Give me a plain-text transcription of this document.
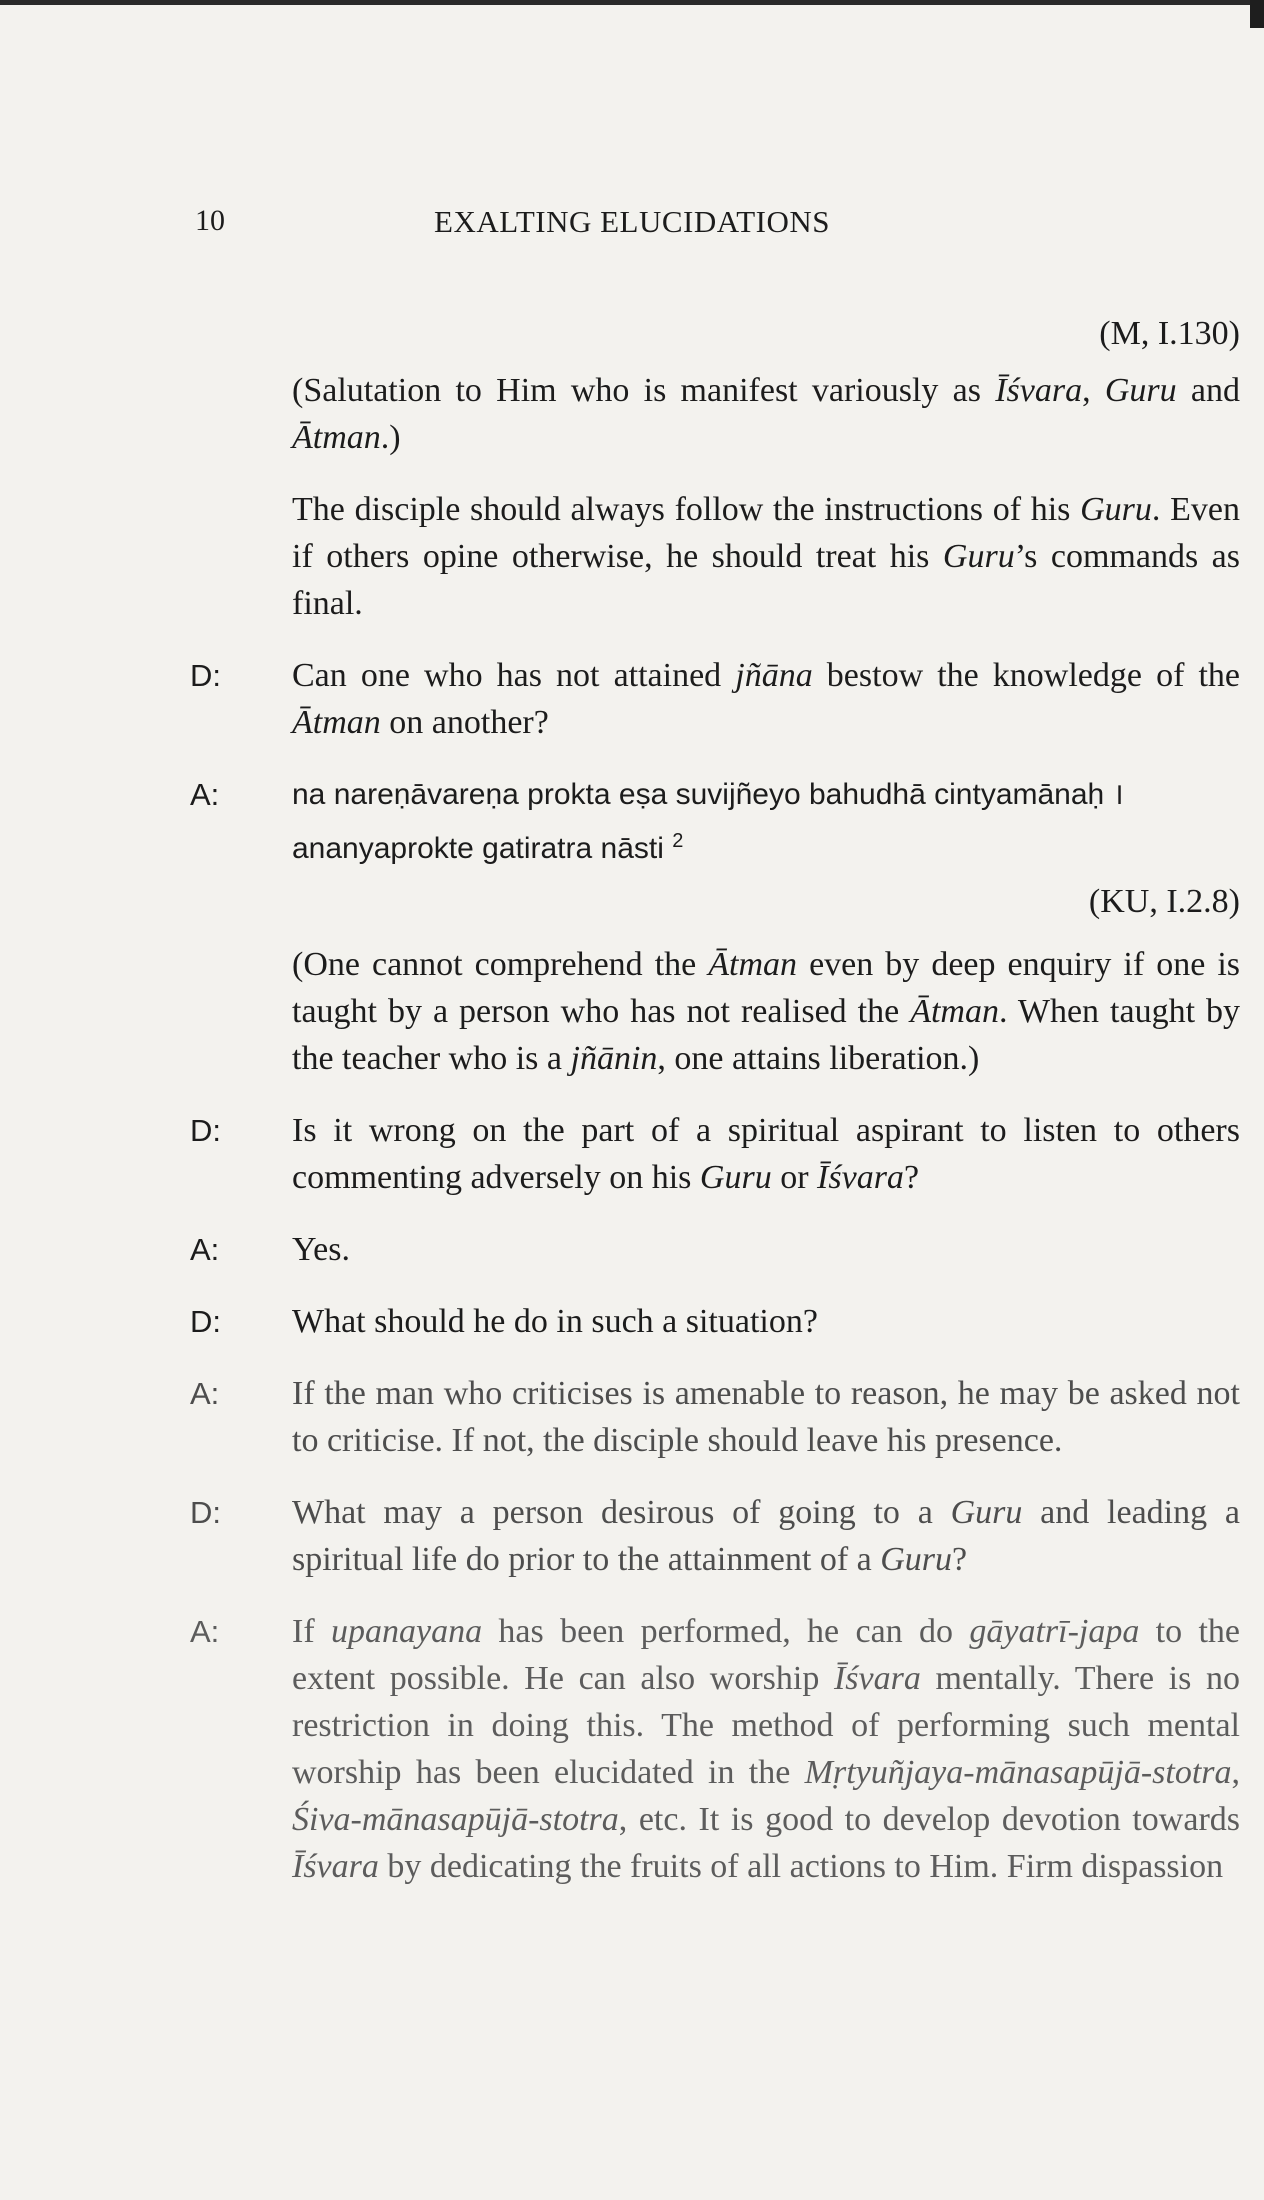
10	EXALTING ELUCIDATIONS
(M, I.130)
(Salutation to Him who is manifest variously as Īśvara, Guru and Ātman.)
The disciple should always follow the instructions of his Guru. Even if others opine otherwise, he should treat his Guru’s commands as final.
D:	Can one who has not attained jñāna bestow the knowledge of the Ātman on another?
A:	na nareṇāvareṇa prokta eṣa suvijñeyo bahudhā cintyamānaḥ ।
ananyaprokte gatiratra nāsti $^2$
(KU, I.2.8)
(One cannot comprehend the Ātman even by deep enquiry if one is taught by a person who has not realised the Ātman. When taught by the teacher who is a jñānin, one attains liberation.)
D:	Is it wrong on the part of a spiritual aspirant to listen to others commenting adversely on his Guru or Īśvara?
A:	Yes.
D:	What should he do in such a situation?
A:	If the man who criticises is amenable to reason, he may be asked not to criticise. If not, the disciple should leave his presence.
D:	What may a person desirous of going to a Guru and leading a spiritual life do prior to the attainment of a Guru?
A:	If upanayana has been performed, he can do gāyatrī-japa to the extent possible. He can also worship Īśvara mentally. There is no restriction in doing this. The method of performing such mental worship has been elucidated in the Mṛtyuñjaya-mānasapūjā-stotra, Śiva-mānasapūjā-stotra, etc. It is good to develop devotion towards Īśvara by dedicating the fruits of all actions to Him. Firm dispassion
